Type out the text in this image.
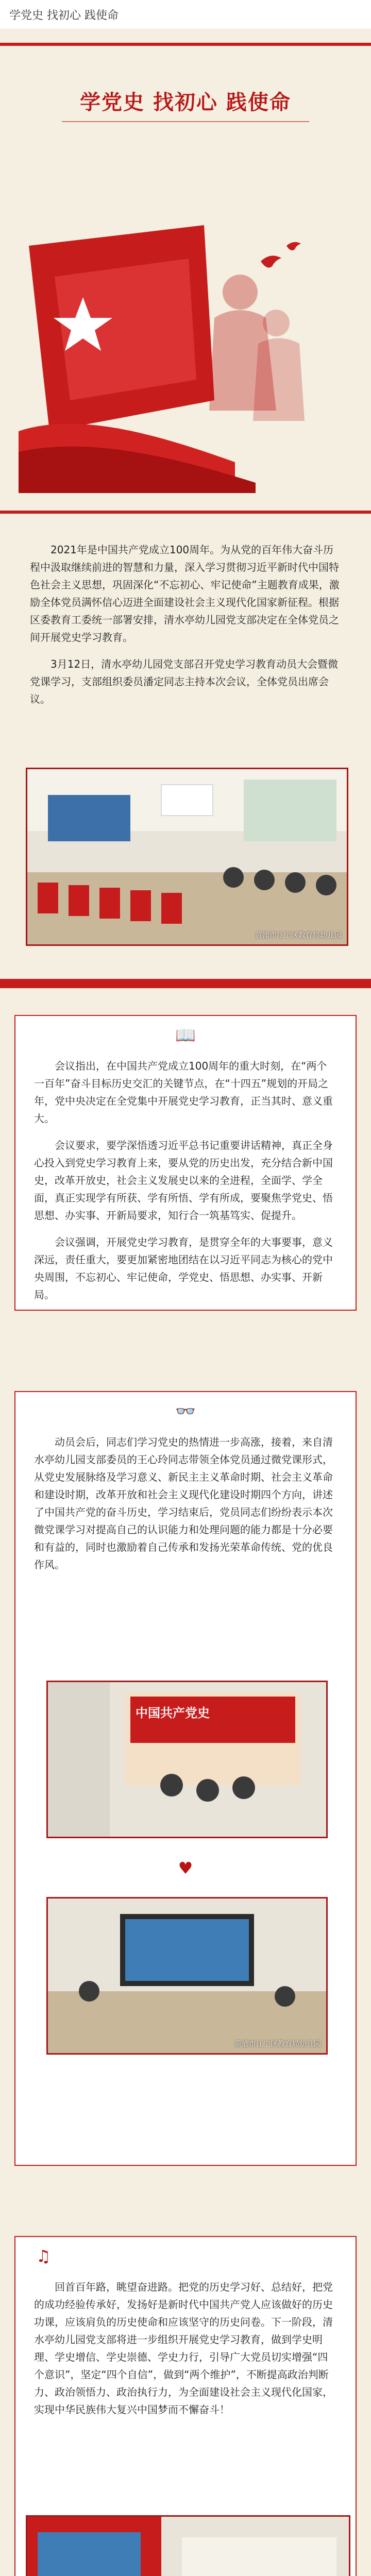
学党史 找初心 践使命
学党史 找初心 践使命

2021年是中国共产党成立100周年。为从党的百年伟大奋斗历程中汲取继续前进的智慧和力量，深入学习贯彻习近平新时代中国特色社会主义思想，巩固深化“不忘初心、牢记使命”主题教育成果，激励全体党员满怀信心迈进全面建设社会主义现代化国家新征程。根据区委教育工委统一部署安排，清水亭幼儿园党支部决定在全体党员之间开展党史学习教育。

3月12日，清水亭幼儿园党支部召开党史学习教育动员大会暨微党课学习，支部组织委员潘定同志主持本次会议，全体党员出席会议。

黄浦市江宁区教育局幼儿园
📖

会议指出，在中国共产党成立100周年的重大时刻，在“两个一百年”奋斗目标历史交汇的关键节点，在“十四五”规划的开局之年，党中央决定在全党集中开展党史学习教育，正当其时、意义重大。

会议要求，要学深悟透习近平总书记重要讲话精神，真正全身心投入到党史学习教育上来，要从党的历史出发，充分结合新中国史，改革开放史，社会主义发展史以来的全进程，全面学、学全面，真正实现学有所获、学有所悟、学有所成，要聚焦学党史、悟思想、办实事、开新局要求，知行合一筑基笃实、促提升。

会议强调，开展党史学习教育，是贯穿全年的大事要事，意义深远，责任重大，要更加紧密地团结在以习近平同志为核心的党中央周围，不忘初心、牢记使命，学党史、悟思想、办实事、开新局。

👓

动员会后，同志们学习党史的热情进一步高涨，接着，来自清水亭幼儿园支部委员的王心玲同志带领全体党员通过微党课形式，从党史发展脉络及学习意义、新民主主义革命时期、社会主义革命和建设时期，改革开放和社会主义现代化建设时期四个方向，讲述了中国共产党的奋斗历史，学习结束后，党员同志们纷纷表示本次微党课学习对提高自己的认识能力和处理问题的能力都是十分必要和有益的，同时也激励着自己传承和发扬光荣革命传统、党的优良作风。

中国共产党史
♥
黄浦市江宁区教育局幼儿园
♫

回首百年路，眺望奋进路。把党的历史学习好、总结好，把党的成功经验传承好，发扬好是新时代中国共产党人应该做好的历史功课，应该肩负的历史使命和应该坚守的历史问卷。下一阶段，清水亭幼儿园党支部将进一步组织开展党史学习教育，做到学史明理、学史增信、学史崇德、学史力行，引导广大党员切实增强“四个意识”，坚定“四个自信”，做到“两个维护”，不断提高政治判断力、政治领悟力、政治执行力，为全面建设社会主义现代化国家，实现中华民族伟大复兴中国梦而不懈奋斗！
